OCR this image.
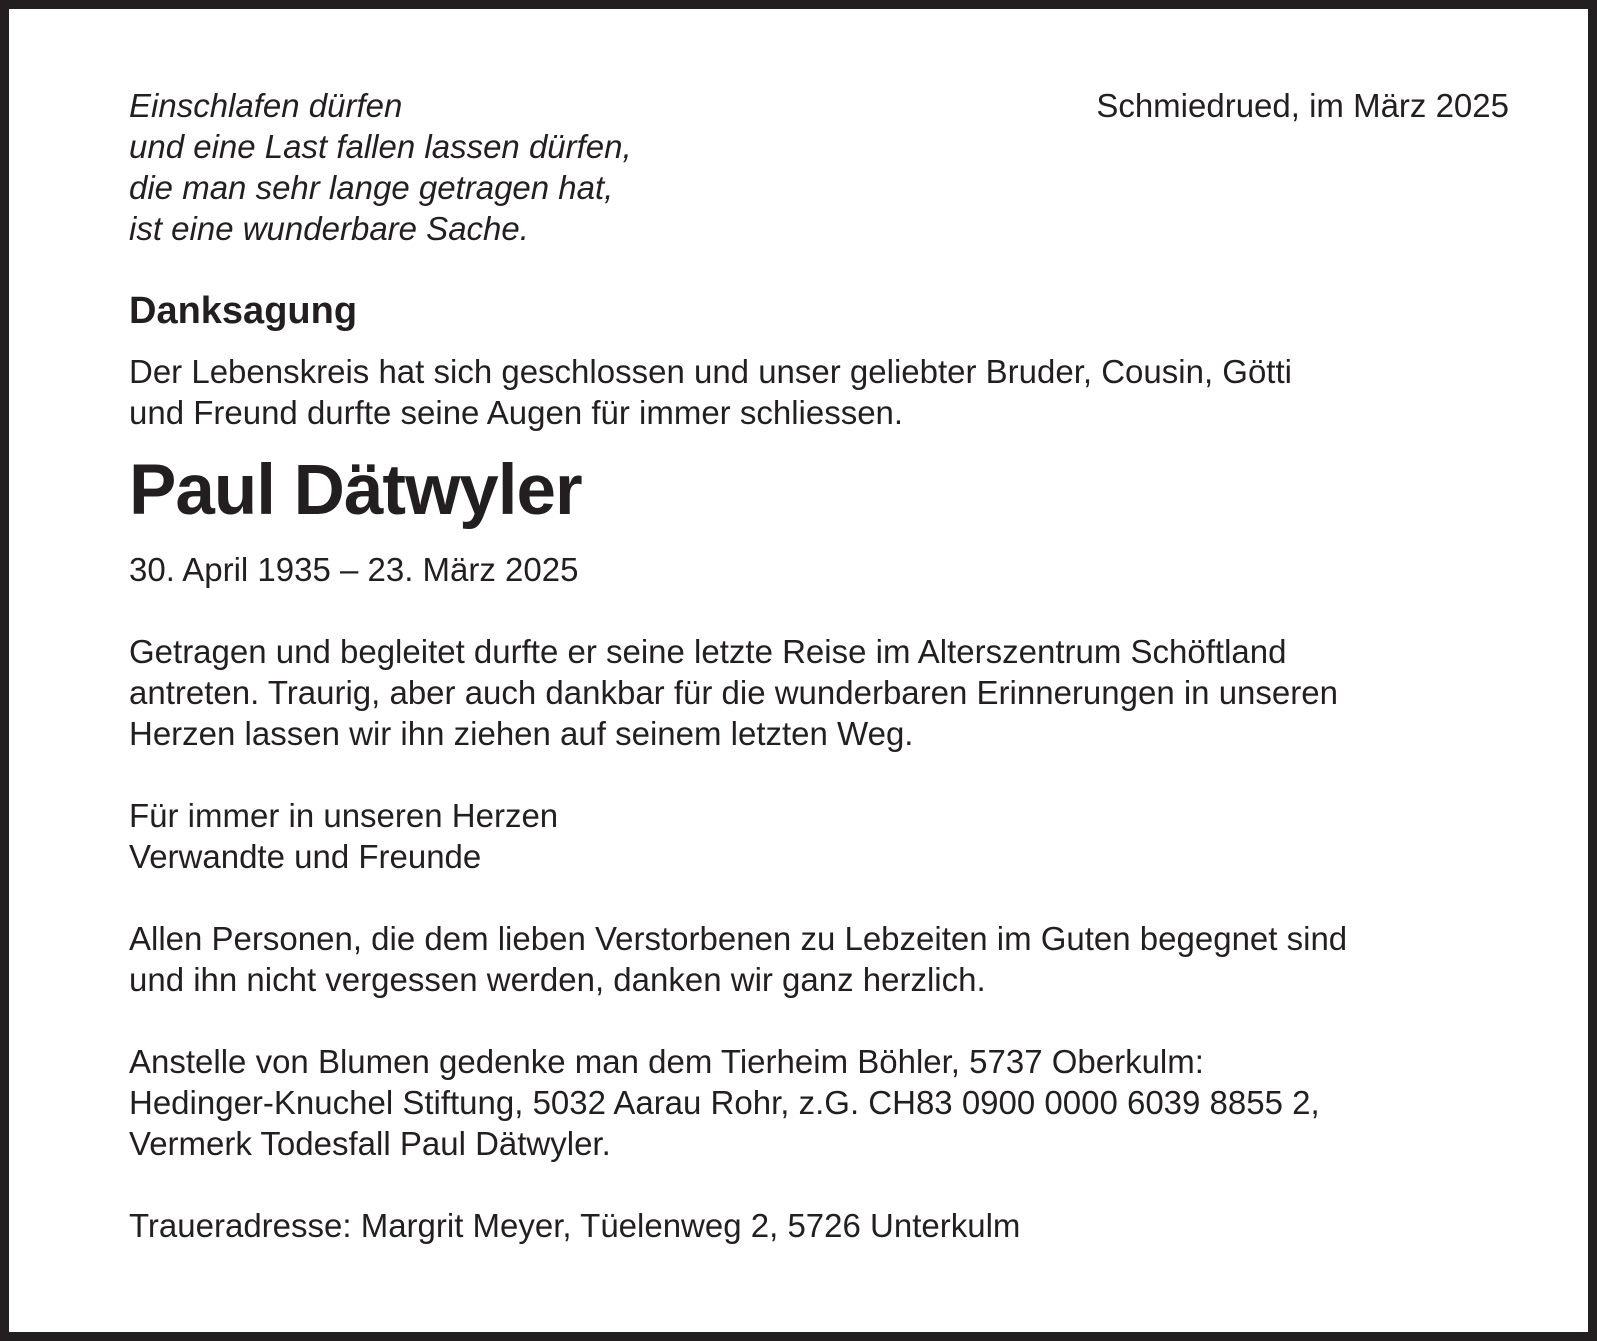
Einschlafen dürfen
und eine Last fallen lassen dürfen,
die man sehr lange getragen hat,
ist eine wunderbare Sache.
Schmiedrued, im März 2025
Danksagung
Der Lebenskreis hat sich geschlossen und unser geliebter Bruder, Cousin, Götti
und Freund durfte seine Augen für immer schliessen.
Paul Dätwyler
30. April 1935 – 23. März 2025
Getragen und begleitet durfte er seine letzte Reise im Alterszentrum Schöftland
antreten. Traurig, aber auch dankbar für die wunderbaren Erinnerungen in unseren
Herzen lassen wir ihn ziehen auf seinem letzten Weg.
Für immer in unseren Herzen
Verwandte und Freunde
Allen Personen, die dem lieben Verstorbenen zu Lebzeiten im Guten begegnet sind
und ihn nicht vergessen werden, danken wir ganz herzlich.
Anstelle von Blumen gedenke man dem Tierheim Böhler, 5737 Oberkulm:
Hedinger-Knuchel Stiftung, 5032 Aarau Rohr, z.G. CH83 0900 0000 6039 8855 2,
Vermerk Todesfall Paul Dätwyler.
Traueradresse: Margrit Meyer, Tüelenweg 2, 5726 Unterkulm
